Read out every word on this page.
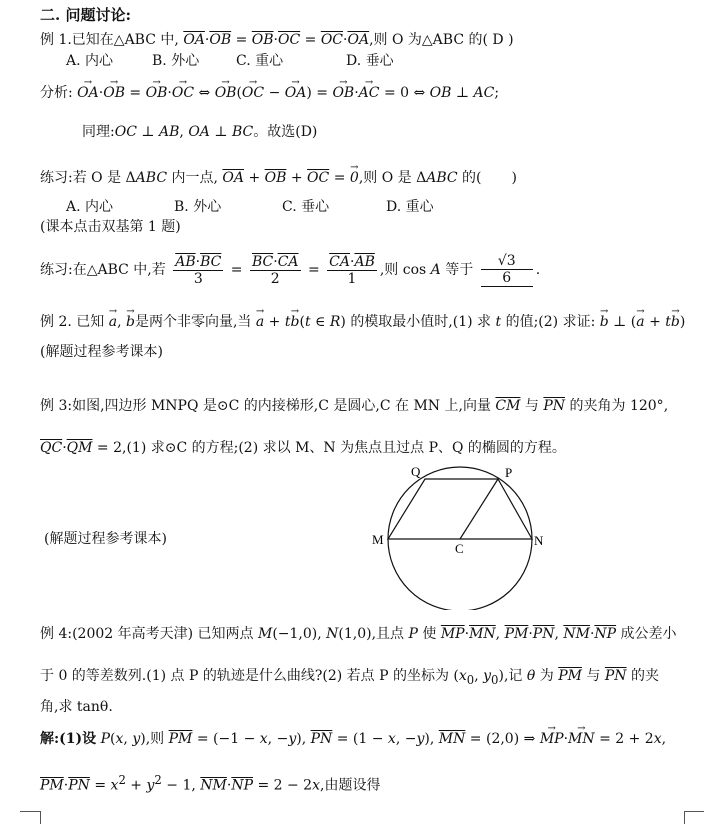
二. 问题讨论:
例 1.已知在△ABC 中, $\overline{OA}\cdot\overline{OB} = \overline{OB}\cdot\overline{OC} = \overline{OC}\cdot\overline{OA}$,则 O 为△ABC 的( D )
A. 内心	B. 外心	C. 重心	D. 垂心
分析: → OA·→ OB = → OB·→ OC ⇔ → OB(→ OC − → OA) = → OB·→ AC = 0 ⇔ OB ⊥ AC;
同理:OC ⊥ AB, OA ⊥ BC。故选(D)
练习:若 O 是 ΔABC 内一点, $\overline{OA} + \overline{OB} + \overline{OC}$ = → 0,则 O 是 ΔABC 的( )
A. 内心	B. 外心	C. 垂心	D. 重心
(课本点击双基第 1 题)
练习:在△ABC 中,若 $\frac{\overline{AB}\cdot\overline{BC}}{3} = \frac{\overline{BC}\cdot\overline{CA}}{2} = \frac{\overline{CA}\cdot\overline{AB}}{1}$ ,则 cos A 等于 $\frac{√3}{6}$ .
例 2. 已知 → a, → b是两个非零向量,当 → a + t→ b(t ∈ R) 的模取最小值时,(1) 求 t 的值;(2) 求证: → b ⊥ (→ a + t→ b)
(解题过程参考课本)
例 3:如图,四边形 MNPQ 是⊙C 的内接梯形,C 是圆心,C 在 MN 上,向量 $\overline{CM}$ 与 $\overline{PN}$ 的夹角为 120°,
$\overline{QC}\cdot\overline{QM} = 2,(1)$ 求⊙C 的方程;(2) 求以 M、N 为焦点且过点 P、Q 的椭圆的方程。
(解题过程参考课本)
Q	P
M	N
C
例 4:(2002 年高考天津) 已知两点 M(−1,0), N(1,0),且点 P 使 $\overline{MP}\cdot\overline{MN}$, $\overline{PM}\cdot\overline{PN}$, $\overline{NM}\cdot\overline{NP}$ 成公差小
于 0 的等差数列.(1) 点 P 的轨迹是什么曲线?(2) 若点 P 的坐标为 ($x_0$, $y_0$),记 θ 为 $\overline{PM}$ 与 $\overline{PN}$ 的夹
角,求 tanθ.
解:(1)设 P(x, y),则 $\overline{PM} = (-1 - x$, −y), $\overline{PN} = (1 - x$, −y), $\overline{MN} = (2,0)$ ⇒ → MP·→ MN = 2 + 2x,
$\overline{PM}\cdot\overline{PN} = x^2 + y^2 - 1$, $\overline{NM}\cdot\overline{NP} = 2 - 2x$,由题设得
